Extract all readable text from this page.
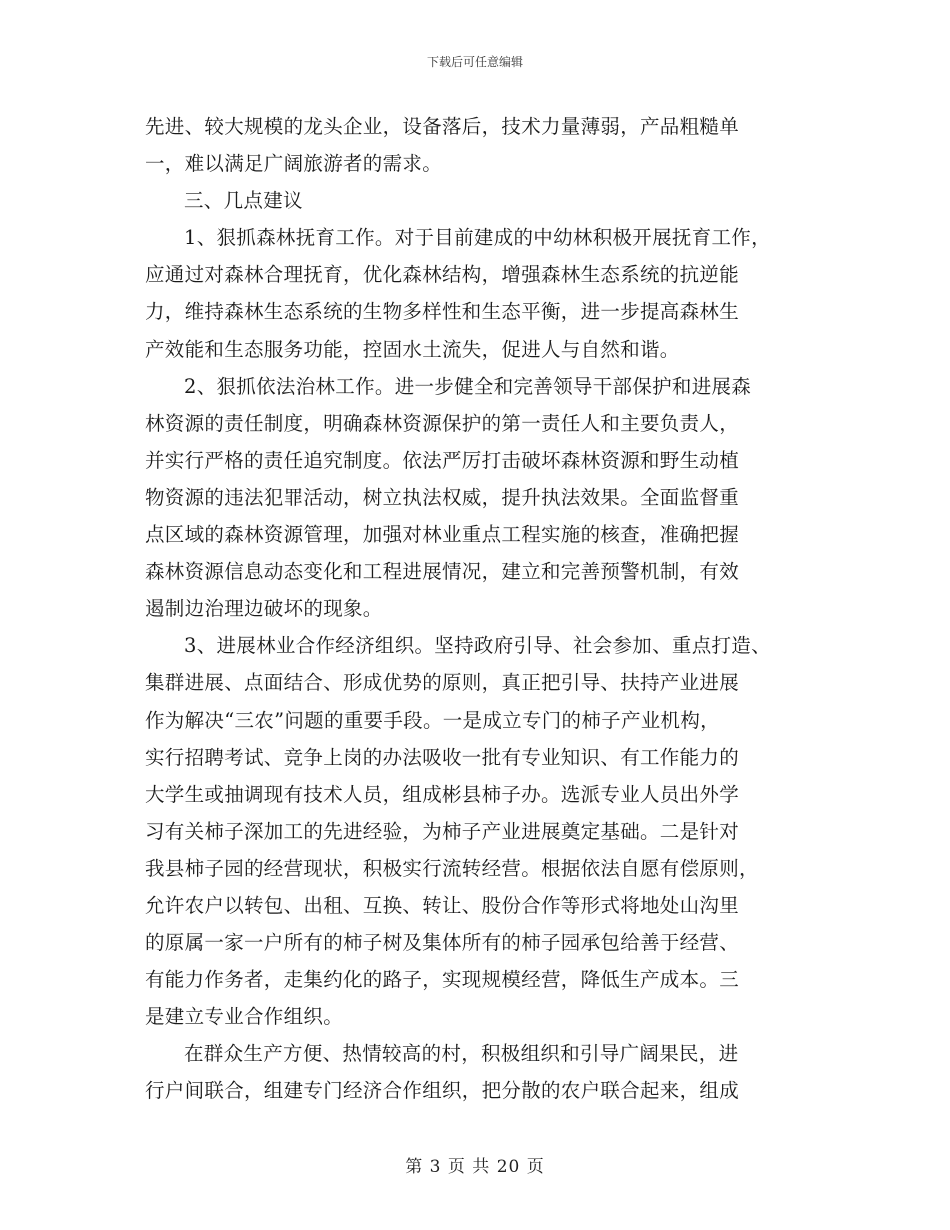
下载后可任意编辑
先进、较大规模的龙头企业，设备落后，技术力量薄弱，产品粗糙单
一，难以满足广阔旅游者的需求。
三、几点建议
1、狠抓森林抚育工作。对于目前建成的中幼林积极开展抚育工作，
应通过对森林合理抚育，优化森林结构，增强森林生态系统的抗逆能
力，维持森林生态系统的生物多样性和生态平衡，进一步提高森林生
产效能和生态服务功能，控固水土流失，促进人与自然和谐。
2、狠抓依法治林工作。进一步健全和完善领导干部保护和进展森
林资源的责任制度，明确森林资源保护的第一责任人和主要负责人，
并实行严格的责任追究制度。依法严厉打击破坏森林资源和野生动植
物资源的违法犯罪活动，树立执法权威，提升执法效果。全面监督重
点区域的森林资源管理，加强对林业重点工程实施的核查，准确把握
森林资源信息动态变化和工程进展情况，建立和完善预警机制，有效
遏制边治理边破坏的现象。
3、进展林业合作经济组织。坚持政府引导、社会参加、重点打造、
集群进展、点面结合、形成优势的原则，真正把引导、扶持产业进展
作为解决“三农”问题的重要手段。一是成立专门的柿子产业机构，
实行招聘考试、竞争上岗的办法吸收一批有专业知识、有工作能力的
大学生或抽调现有技术人员，组成彬县柿子办。选派专业人员出外学
习有关柿子深加工的先进经验，为柿子产业进展奠定基础。二是针对
我县柿子园的经营现状，积极实行流转经营。根据依法自愿有偿原则，
允许农户以转包、出租、互换、转让、股份合作等形式将地处山沟里
的原属一家一户所有的柿子树及集体所有的柿子园承包给善于经营、
有能力作务者，走集约化的路子，实现规模经营，降低生产成本。三
是建立专业合作组织。
在群众生产方便、热情较高的村，积极组织和引导广阔果民，进
行户间联合，组建专门经济合作组织，把分散的农户联合起来，组成
第 3 页 共 20 页
